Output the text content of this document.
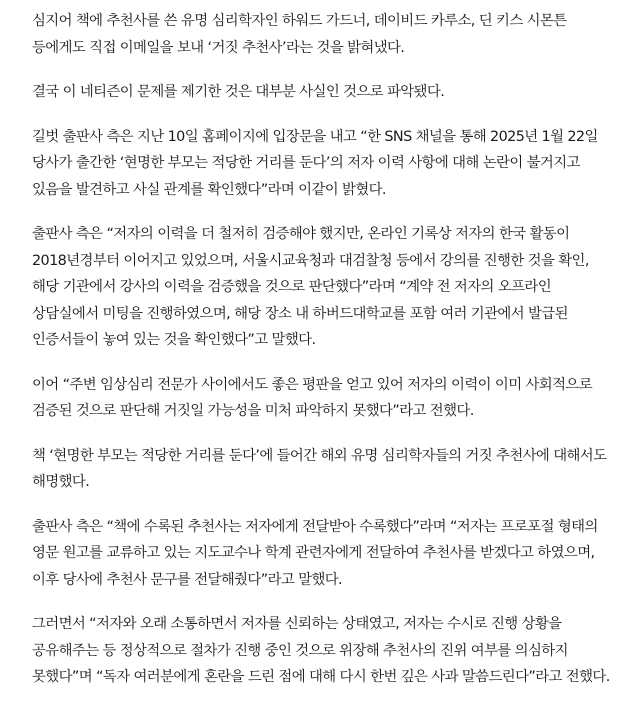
심지어 책에 추천사를 쓴 유명 심리학자인 하워드 가드너, 데이비드 카루소, 딘 키스 시몬튼
등에게도 직접 이메일을 보내 ‘거짓 추천사’라는 것을 밝혀냈다.

결국 이 네티즌이 문제를 제기한 것은 대부분 사실인 것으로 파악됐다.

길벗 출판사 측은 지난 10일 홈페이지에 입장문을 내고 “한 SNS 채널을 통해 2025년 1월 22일
당사가 출간한 ‘현명한 부모는 적당한 거리를 둔다’의 저자 이력 사항에 대해 논란이 불거지고
있음을 발견하고 사실 관계를 확인했다”라며 이같이 밝혔다.

출판사 측은 “저자의 이력을 더 철저히 검증해야 했지만, 온라인 기록상 저자의 한국 활동이
2018년경부터 이어지고 있었으며, 서울시교육청과 대검찰청 등에서 강의를 진행한 것을 확인,
해당 기관에서 강사의 이력을 검증했을 것으로 판단했다”라며 “계약 전 저자의 오프라인
상담실에서 미팅을 진행하였으며, 해당 장소 내 하버드대학교를 포함 여러 기관에서 발급된
인증서들이 놓여 있는 것을 확인했다”고 말했다.

이어 “주변 임상심리 전문가 사이에서도 좋은 평판을 얻고 있어 저자의 이력이 이미 사회적으로
검증된 것으로 판단해 거짓일 가능성을 미처 파악하지 못했다”라고 전했다.

책 ‘현명한 부모는 적당한 거리를 둔다’에 들어간 해외 유명 심리학자들의 거짓 추천사에 대해서도
해명했다.

출판사 측은 “책에 수록된 추천사는 저자에게 전달받아 수록했다”라며 “저자는 프로포절 형태의
영문 원고를 교류하고 있는 지도교수나 학계 관련자에게 전달하여 추천사를 받겠다고 하였으며,
이후 당사에 추천사 문구를 전달해줬다”라고 말했다.

그러면서 “저자와 오래 소통하면서 저자를 신뢰하는 상태였고, 저자는 수시로 진행 상황을
공유해주는 등 정상적으로 절차가 진행 중인 것으로 위장해 추천사의 진위 여부를 의심하지
못했다”며 “독자 여러분에게 혼란을 드린 점에 대해 다시 한번 깊은 사과 말씀드린다”라고 전했다.
